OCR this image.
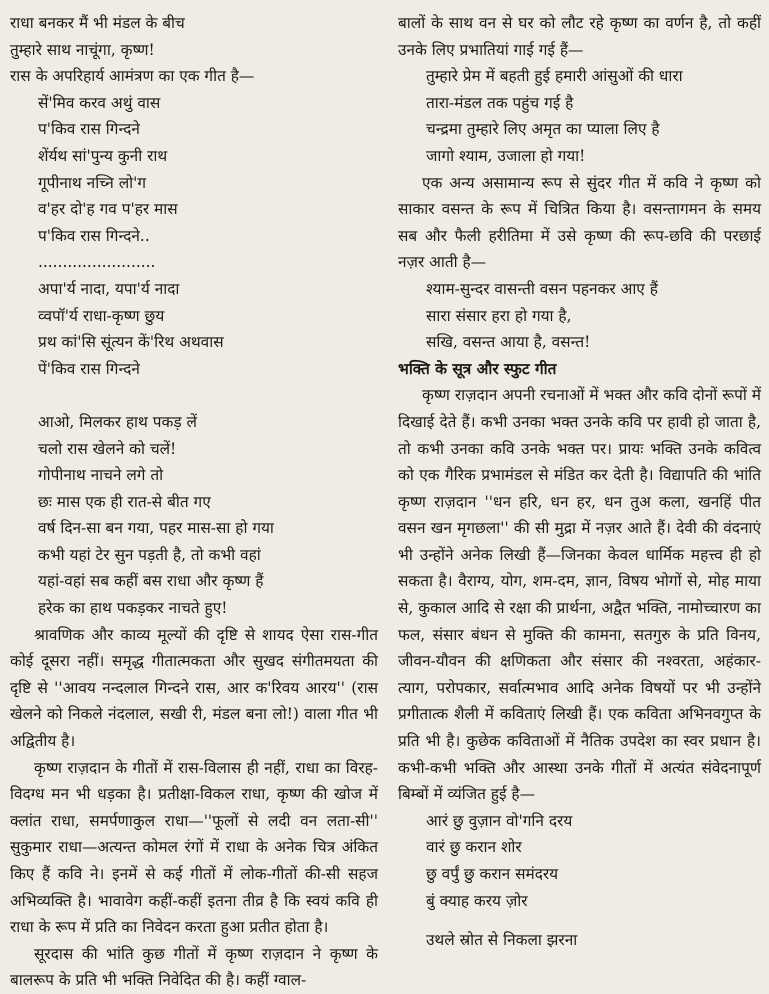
राधा बनकर मैं भी मंडल के बीच
तुम्हारे साथ नाचूंगा, कृष्ण!
रास के अपरिहार्य आमंत्रण का एक गीत है—
सें'मिव करव अथुं वास
प'किव रास गिन्दने
शेंर्यथ सां'पुन्य कुनी राथ
गूपीनाथ नच्नि लो'ग
व'हर दो'ह गव प'हर मास
प'किव रास गिन्दने..
........................
अपा'र्य नादा, यपा'र्य नादा
व्वपॉ'र्य राधा-कृष्ण छुय
प्रथ कां'सि सूंत्यन कें'रिथ अथवास
पें'किव रास गिन्दने
आओ, मिलकर हाथ पकड़ लें
चलो रास खेलने को चलें!
गोपीनाथ नाचने लगे तो
छः मास एक ही रात-से बीत गए
वर्ष दिन-सा बन गया, पहर मास-सा हो गया
कभी यहां टेर सुन पड़ती है, तो कभी वहां
यहां-वहां सब कहीं बस राधा और कृष्ण हैं
हरेक का हाथ पकड़कर नाचते हुए!
श्रावणिक और काव्य मूल्यों की दृष्टि से शायद ऐसा रास-गीत कोई दूसरा नहीं। समृद्ध गीतात्मकता और सुखद संगीतमयता की दृष्टि से ''आवय नन्दलाल गिन्दने रास, आर क'रिवय आरय'' (रास खेलने को निकले नंदलाल, सखी री, मंडल बना लो!) वाला गीत भी अद्वितीय है।
कृष्ण राज़दान के गीतों में रास-विलास ही नहीं, राधा का विरह-विदग्ध मन भी धड़का है। प्रतीक्षा-विकल राधा, कृष्ण की खोज में क्लांत राधा, समर्पणाकुल राधा—''फूलों से लदी वन लता-सी'' सुकुमार राधा—अत्यन्त कोमल रंगों में राधा के अनेक चित्र अंकित किए हैं कवि ने। इनमें से कई गीतों में लोक-गीतों की-सी सहज अभिव्यक्ति है। भावावेग कहीं-कहीं इतना तीव्र है कि स्वयं कवि ही राधा के रूप में प्रति का निवेदन करता हुआ प्रतीत होता है।
सूरदास की भांति कुछ गीतों में कृष्ण राज़दान ने कृष्ण के बालरूप के प्रति भी भक्ति निवेदित की है। कहीं ग्वाल-
बालों के साथ वन से घर को लौट रहे कृष्ण का वर्णन है, तो कहीं उनके लिए प्रभातियां गाई गई हैं—
तुम्हारे प्रेम में बहती हुई हमारी आंसुओं की धारा
तारा-मंडल तक पहुंच गई है
चन्द्रमा तुम्हारे लिए अमृत का प्याला लिए है
जागो श्याम, उजाला हो गया!
एक अन्य असामान्य रूप से सुंदर गीत में कवि ने कृष्ण को साकार वसन्त के रूप में चित्रित किया है। वसन्तागमन के समय सब और फैली हरीतिमा में उसे कृष्ण की रूप-छवि की परछाई नज़र आती है—
श्याम-सुन्दर वासन्ती वसन पहनकर आए हैं
सारा संसार हरा हो गया है,
सखि, वसन्त आया है, वसन्त!
भक्ति के सूत्र और स्फुट गीत
कृष्ण राज़दान अपनी रचनाओं में भक्त और कवि दोनों रूपों में दिखाई देते हैं। कभी उनका भक्त उनके कवि पर हावी हो जाता है, तो कभी उनका कवि उनके भक्त पर। प्रायः भक्ति उनके कवित्व को एक गैरिक प्रभामंडल से मंडित कर देती है। विद्यापति की भांति कृष्ण राज़दान ''धन हरि, धन हर, धन तुअ कला, खनहिं पीत वसन खन मृगछला'' की सी मुद्रा में नज़र आते हैं। देवी की वंदनाएं भी उन्होंने अनेक लिखी हैं—जिनका केवल धार्मिक महत्त्व ही हो सकता है। वैराग्य, योग, शम-दम, ज्ञान, विषय भोगों से, मोह माया से, कुकाल आदि से रक्षा की प्रार्थना, अद्वैत भक्ति, नामोच्चारण का फल, संसार बंधन से मुक्ति की कामना, सतगुरु के प्रति विनय, जीवन-यौवन की क्षणिकता और संसार की नश्वरता, अहंकार-त्याग, परोपकार, सर्वात्मभाव आदि अनेक विषयों पर भी उन्होंने प्रगीतात्क शैली में कविताएं लिखी हैं। एक कविता अभिनवगुप्त के प्रति भी है। कुछेक कविताओं में नैतिक उपदेश का स्वर प्रधान है। कभी-कभी भक्ति और आस्था उनके गीतों में अत्यंत संवेदनापूर्ण बिम्बों में व्यंजित हुई है—
आरं छु वुज़ान वो'गनि दरय
वारं छु करान शोर
छु वर्पुं छु करान समंदरय
बुं क्याह करय ज़ोर
उथले स्रोत से निकला झरना
